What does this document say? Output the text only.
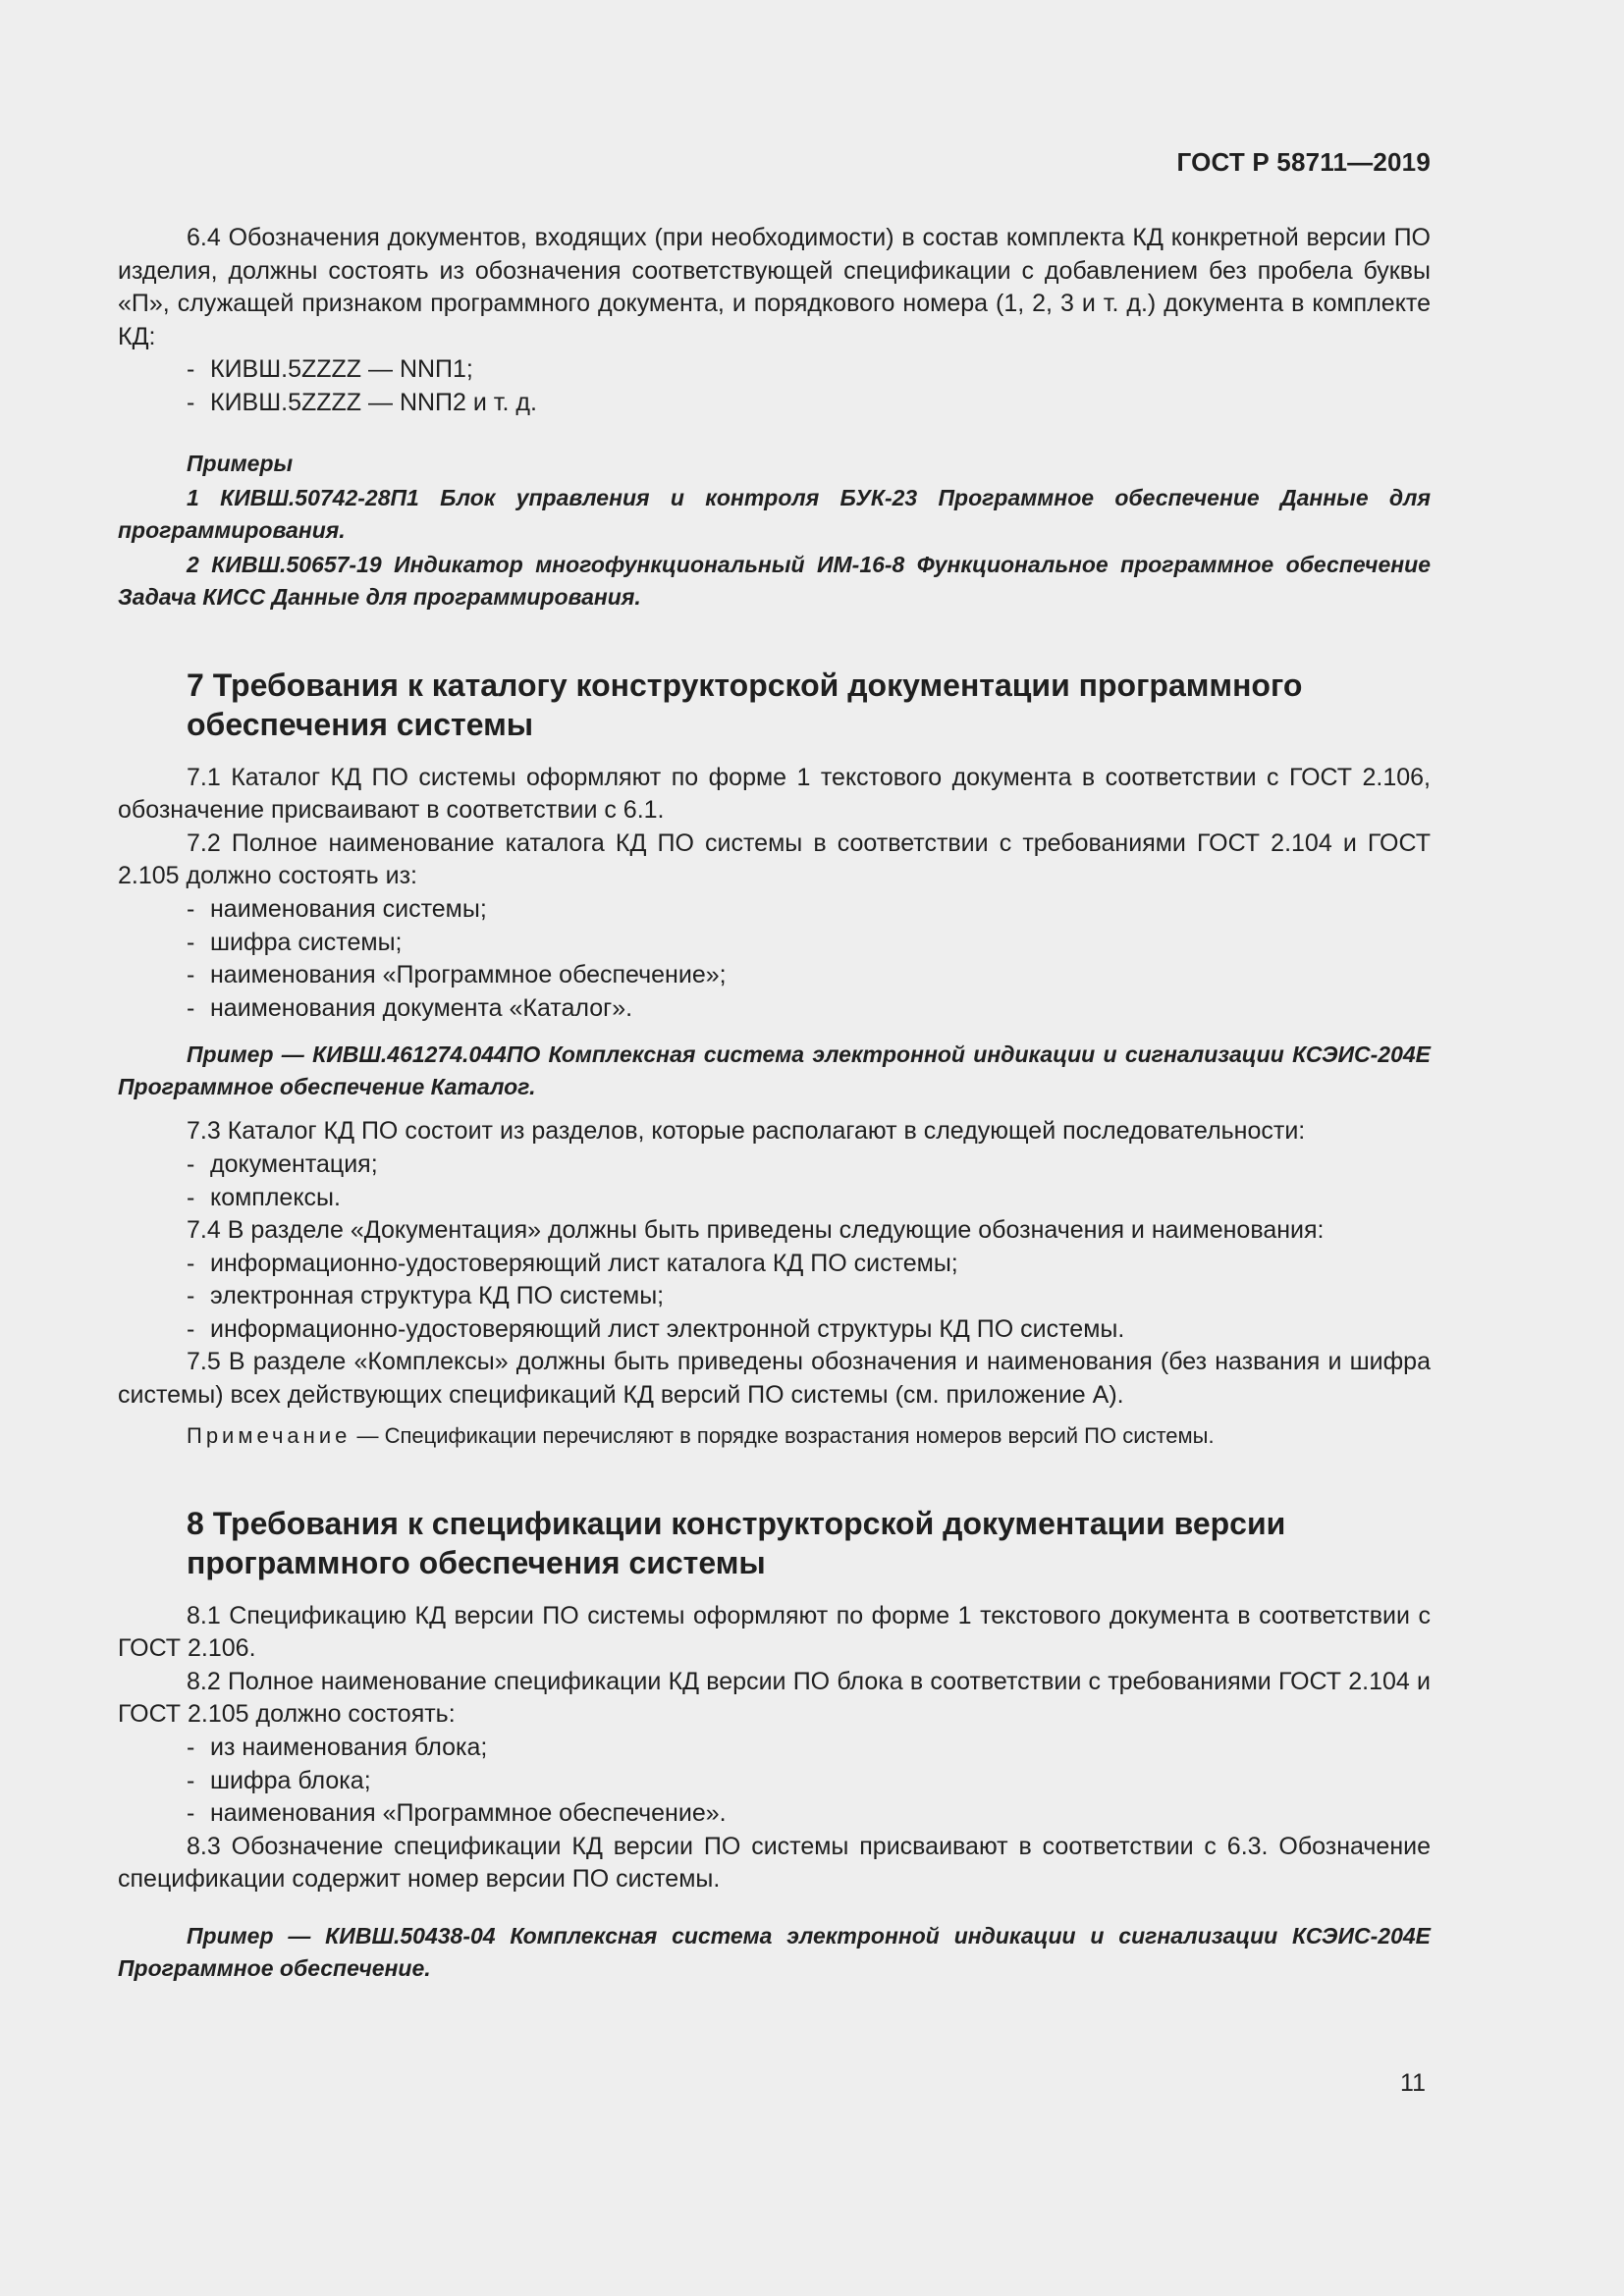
ГОСТ Р 58711—2019

6.4 Обозначения документов, входящих (при необходимости) в состав комплекта КД конкретной версии ПО изделия, должны состоять из обозначения соответствующей спецификации с добавлением без пробела буквы «П», служащей признаком программного документа, и порядкового номера (1, 2, 3 и т. д.) документа в комплекте КД:

- КИВШ.5ZZZZ — NNП1;

- КИВШ.5ZZZZ — NNП2 и т. д.

Примеры

1 КИВШ.50742-28П1 Блок управления и контроля БУК-23 Программное обеспечение Данные для программирования.

2 КИВШ.50657-19 Индикатор многофункциональный ИМ-16-8 Функциональное программное обеспечение Задача КИСС Данные для программирования.

7 Требования к каталогу конструкторской документации программного обеспечения системы

7.1 Каталог КД ПО системы оформляют по форме 1 текстового документа в соответствии с ГОСТ 2.106, обозначение присваивают в соответствии с 6.1.

7.2 Полное наименование каталога КД ПО системы в соответствии с требованиями ГОСТ 2.104 и ГОСТ 2.105 должно состоять из:

- наименования системы;

- шифра системы;

- наименования «Программное обеспечение»;

- наименования документа «Каталог».

Пример — КИВШ.461274.044ПО Комплексная система электронной индикации и сигнализации КСЭИС-204Е Программное обеспечение Каталог.

7.3 Каталог КД ПО состоит из разделов, которые располагают в следующей последовательности:

- документация;

- комплексы.

7.4 В разделе «Документация» должны быть приведены следующие обозначения и наименования:

- информационно-удостоверяющий лист каталога КД ПО системы;

- электронная структура КД ПО системы;

- информационно-удостоверяющий лист электронной структуры КД ПО системы.

7.5 В разделе «Комплексы» должны быть приведены обозначения и наименования (без названия и шифра системы) всех действующих спецификаций КД версий ПО системы (см. приложение А).

Примечание — Спецификации перечисляют в порядке возрастания номеров версий ПО системы.

8 Требования к спецификации конструкторской документации версии программного обеспечения системы

8.1 Спецификацию КД версии ПО системы оформляют по форме 1 текстового документа в соответствии с ГОСТ 2.106.

8.2 Полное наименование спецификации КД версии ПО блока в соответствии с требованиями ГОСТ 2.104 и ГОСТ 2.105 должно состоять:

- из наименования блока;

- шифра блока;

- наименования «Программное обеспечение».

8.3 Обозначение спецификации КД версии ПО системы присваивают в соответствии с 6.3. Обозначение спецификации содержит номер версии ПО системы.

Пример — КИВШ.50438-04 Комплексная система электронной индикации и сигнализации КСЭИС-204Е Программное обеспечение.

11
